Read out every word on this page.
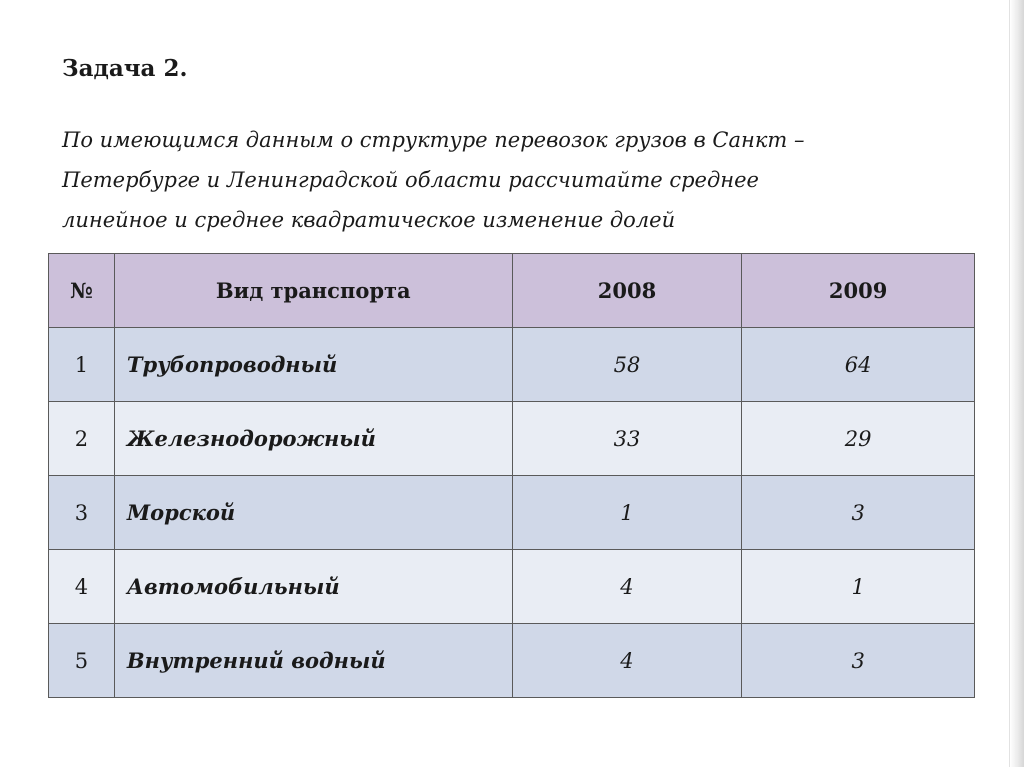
Задача 2.

По имеющимся данным о структуре перевозок грузов в Санкт –
Петербурге и Ленинградской области рассчитайте среднее
линейное и среднее квадратическое изменение долей

№	Вид транспорта	2008	2009
1	Трубопроводный	58	64
2	Железнодорожный	33	29
3	Морской	1	3
4	Автомобильный	4	1
5	Внутренний водный	4	3
